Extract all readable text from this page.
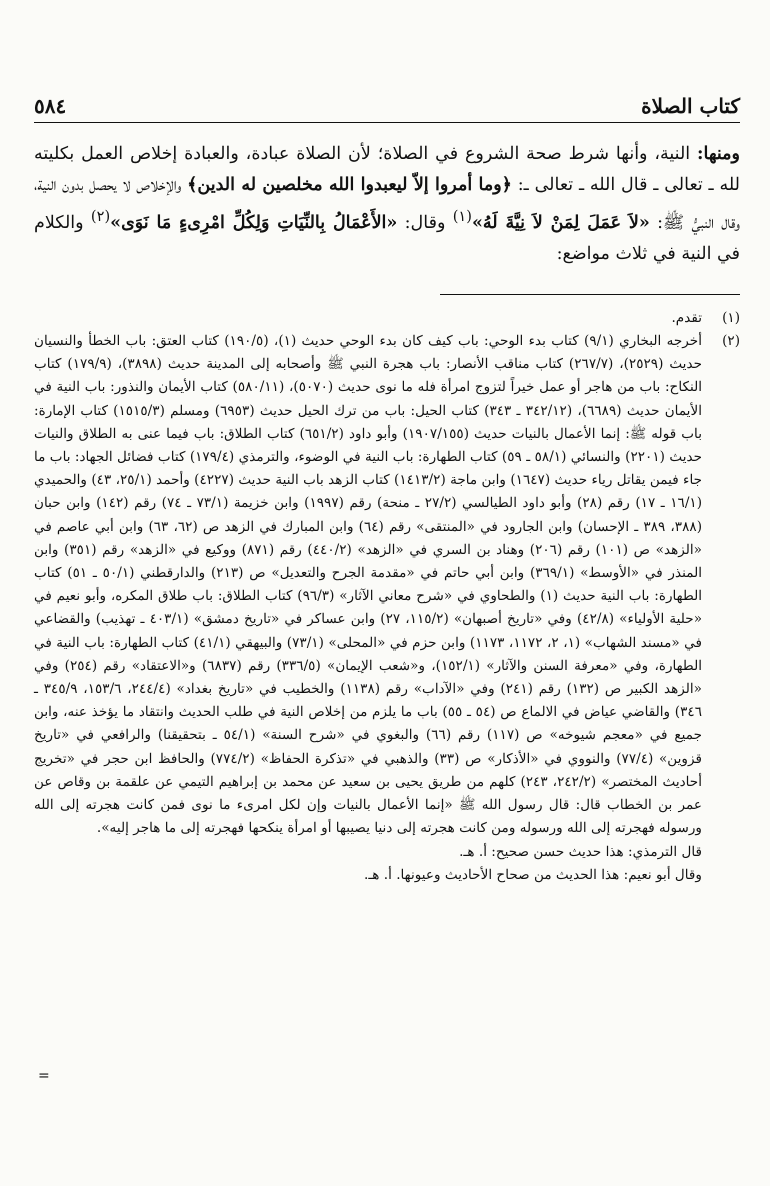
كتاب الصلاة
٥٨٤
ومنها: النية، وأنها شرط صحة الشروع في الصلاة؛ لأن الصلاة عبادة، والعبادة إخلاص العمل بكليته لله ـ تعالى ـ قال الله ـ تعالى ـ: ﴿وما أمروا إلاّ ليعبدوا الله مخلصين له الدين﴾ والإخلاص لا يحصل بدون النية، وقال النبيُّ ﷺ: «لاَ عَمَلَ لِمَنْ لاَ نِيَّةَ لَهُ»$^{(١)}$ وقال: «الأَعْمَالُ بِالنِّيَاتِ وَلِكُلِّ امْرِىءٍ مَا نَوَى»$^{(٢)}$ والكلام في النية في ثلاث مواضع:
(١)

تقدم.

(٢)

أخرجه البخاري (٩/١) كتاب بدء الوحي: باب كيف كان بدء الوحي حديث (١)، (١٩٠/٥) كتاب العتق: باب الخطأ والنسيان حديث (٢٥٢٩)، (٢٦٧/٧) كتاب مناقب الأنصار: باب هجرة النبي ﷺ وأصحابه إلى المدينة حديث (٣٨٩٨)، (١٧٩/٩) كتاب النكاح: باب من هاجر أو عمل خيراً لتزوج امرأة فله ما نوى حديث (٥٠٧٠)، (٥٨٠/١١) كتاب الأيمان والنذور: باب النية في الأيمان حديث (٦٦٨٩)، (٣٤٢/١٢ ـ ٣٤٣) كتاب الحيل: باب من ترك الحيل حديث (٦٩٥٣) ومسلم (١٥١٥/٣) كتاب الإمارة: باب قوله ﷺ: إنما الأعمال بالنيات حديث (١٩٠٧/١٥٥) وأبو داود (٦٥١/٢) كتاب الطلاق: باب فيما عنى به الطلاق والنيات حديث (٢٢٠١) والنسائي (٥٨/١ ـ ٥٩) كتاب الطهارة: باب النية في الوضوء، والترمذي (١٧٩/٤) كتاب فضائل الجهاد: باب ما جاء فيمن يقاتل رياء حديث (١٦٤٧) وابن ماجة (١٤١٣/٢) كتاب الزهد باب النية حديث (٤٢٢٧) وأحمد (٢٥/١، ٤٣) والحميدي (١٦/١ ـ ١٧) رقم (٢٨) وأبو داود الطيالسي (٢٧/٢ ـ منحة) رقم (١٩٩٧) وابن خزيمة (٧٣/١ ـ ٧٤) رقم (١٤٢) وابن حبان (٣٨٨، ٣٨٩ ـ الإحسان) وابن الجارود في «المنتقى» رقم (٦٤) وابن المبارك في الزهد ص (٦٢، ٦٣) وابن أبي عاصم في «الزهد» ص (١٠١) رقم (٢٠٦) وهناد بن السري في «الزهد» (٤٤٠/٢) رقم (٨٧١) ووكيع في «الزهد» رقم (٣٥١) وابن المنذر في «الأوسط» (٣٦٩/١) وابن أبي حاتم في «مقدمة الجرح والتعديل» ص (٢١٣) والدارقطني (٥٠/١ ـ ٥١) كتاب الطهارة: باب النية حديث (١) والطحاوي في «شرح معاني الآثار» (٩٦/٣) كتاب الطلاق: باب طلاق المكره، وأبو نعيم في «حلية الأولياء» (٤٢/٨) وفي «تاريخ أصبهان» (١١٥/٢، ٢٧) وابن عساكر في «تاريخ دمشق» (٤٠٣/١ ـ تهذيب) والقضاعي في «مسند الشهاب» (١، ٢، ١١٧٢، ١١٧٣) وابن حزم في «المحلى» (٧٣/١) والبيهقي (٤١/١) كتاب الطهارة: باب النية في الطهارة، وفي «معرفة السنن والآثار» (١٥٢/١)، و«شعب الإيمان» (٣٣٦/٥) رقم (٦٨٣٧) و«الاعتقاد» رقم (٢٥٤) وفي «الزهد الكبير ص (١٣٢) رقم (٢٤١) وفي «الآداب» رقم (١١٣٨) والخطيب في «تاريخ بغداد» (٢٤٤/٤، ١٥٣/٦، ٣٤٥/٩ ـ ٣٤٦) والقاضي عياض في الالماع ص (٥٤ ـ ٥٥) باب ما يلزم من إخلاص النية في طلب الحديث وانتقاد ما يؤخذ عنه، وابن جميع في «معجم شيوخه» ص (١١٧) رقم (٦٦) والبغوي في «شرح السنة» (٥٤/١ ـ بتحقيقنا) والرافعي في «تاريخ قزوين» (٧٧/٤) والنووي في «الأذكار» ص (٣٣) والذهبي في «تذكرة الحفاظ» (٧٧٤/٢) والحافظ ابن حجر في «تخريج أحاديث المختصر» (٢٤٢/٢، ٢٤٣) كلهم من طريق يحيى بن سعيد عن محمد بن إبراهيم التيمي عن علقمة بن وقاص عن عمر بن الخطاب قال: قال رسول الله ﷺ «إنما الأعمال بالنيات وإن لكل امرىء ما نوى فمن كانت هجرته إلى الله ورسوله فهجرته إلى الله ورسوله ومن كانت هجرته إلى دنيا يصيبها أو امرأة ينكحها فهجرته إلى ما هاجر إليه».

قال الترمذي: هذا حديث حسن صحيح: أ. هـ.

وقال أبو نعيم: هذا الحديث من صحاح الأحاديث وعيونها. أ. هـ.

=
